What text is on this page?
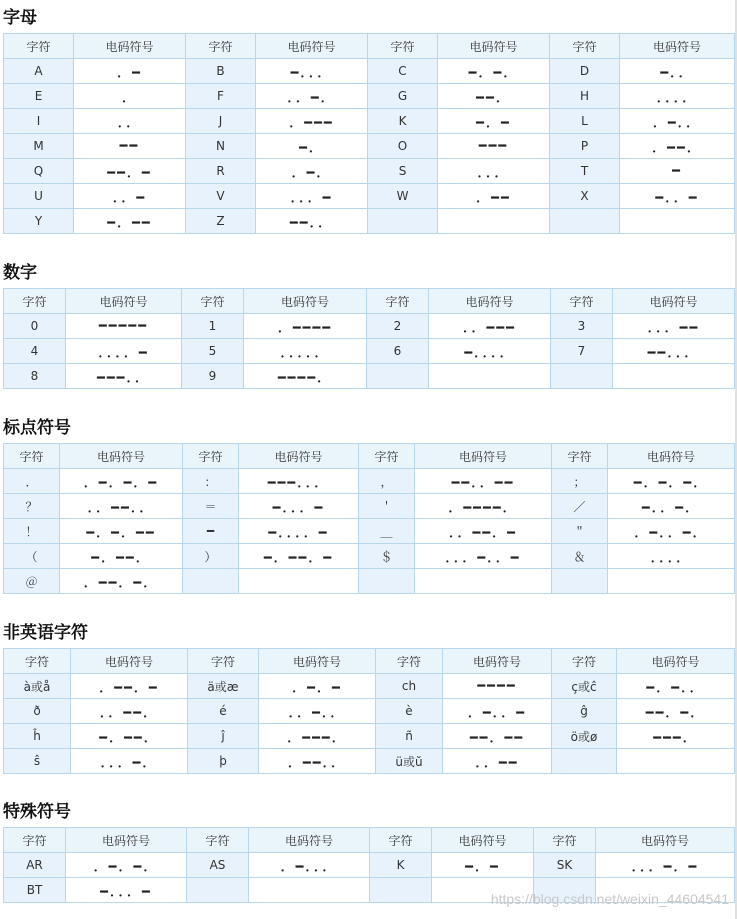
字母
字符	电码符号	字符	电码符号	字符	电码符号	字符	电码符号
A	．━	B	━．．．	C	━．━．	D	━．．
E	．	F	．．━．	G	━━．	H	．．．．
I	．．	J	．━━━	K	━．━	L	．━．．
M	━━	N	━．	O	━━━	P	．━━．
Q	━━．━	R	．━．	S	．．．	T	━
U	．．━	V	．．．━	W	．━━	X	━．．━
Y	━．━━	Z	━━．．				
数字
字符	电码符号	字符	电码符号	字符	电码符号	字符	电码符号
0	━━━━━	1	．━━━━	2	．．━━━	3	．．．━━
4	．．．．━	5	．．．．．	6	━．．．．	7	━━．．．
8	━━━．．	9	━━━━．				
标点符号
字符	电码符号	字符	电码符号	字符	电码符号	字符	电码符号
．	．━．━．━	：	━━━．．．	，	━━．．━━	；	━．━．━．
？	．．━━．．	＝	━．．．━	＇	．━━━━．	／	━．．━．
！	━．━．━━	━	━．．．．━	＿	．．━━．━	＂	．━．．━．
（	━．━━．	）	━．━━．━	＄	．．．━．．━	＆	．．．．
＠	．━━．━．						
非英语字符
字符	电码符号	字符	电码符号	字符	电码符号	字符	电码符号
à或å	．━━．━	ä或æ	．━．━	ch	━━━━	ç或ĉ	━．━．．
ð	．．━━．	é	．．━．．	è	．━．．━	ĝ	━━．━．
ĥ	━．━━．	ĵ	．━━━．	ñ	━━．━━	ö或ø	━━━．
ŝ	．．．━．	þ	．━━．．	ü或ŭ	．．━━		
特殊符号
字符	电码符号	字符	电码符号	字符	电码符号	字符	电码符号
AR	．━．━．	AS	．━．．．	K	━．━	SK	．．．━．━
BT	━．．．━							https://blog.csdn.net/weixin_44604541
